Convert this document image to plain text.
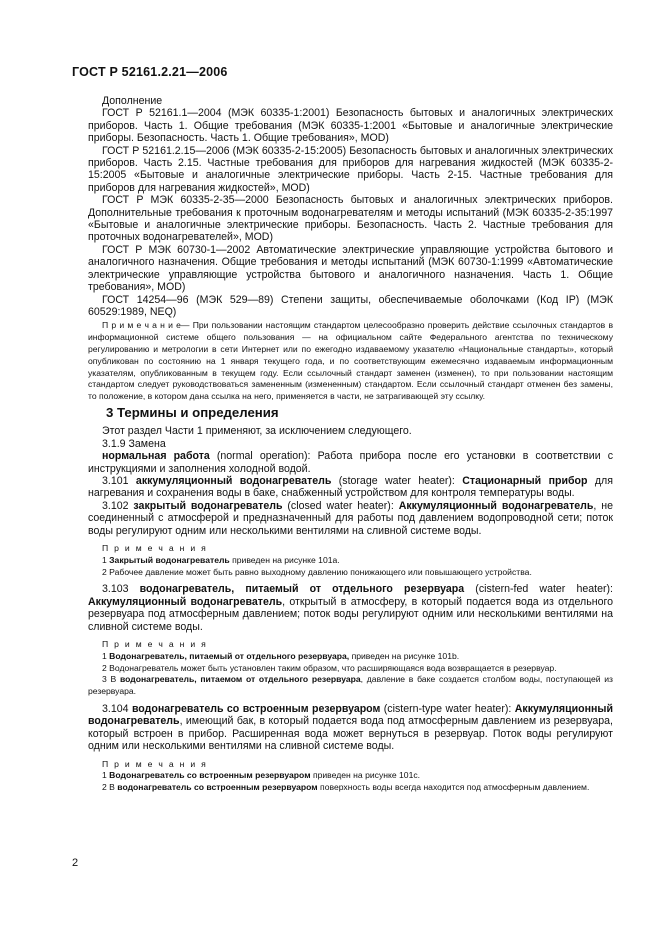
ГОСТ Р 52161.2.21—2006

Дополнение

ГОСТ Р 52161.1—2004 (МЭК 60335-1:2001) Безопасность бытовых и аналогичных электрических приборов. Часть 1. Общие требования (МЭК 60335-1:2001 «Бытовые и аналогичные электрические приборы. Безопасность. Часть 1. Общие требования», MOD)

ГОСТ Р 52161.2.15—2006 (МЭК 60335-2-15:2005) Безопасность бытовых и аналогичных электрических приборов. Часть 2.15. Частные требования для приборов для нагревания жидкостей (МЭК 60335-2-15:2005 «Бытовые и аналогичные электрические приборы. Часть 2-15. Частные требования для приборов для нагревания жидкостей», MOD)

ГОСТ Р МЭК 60335-2-35—2000 Безопасность бытовых и аналогичных электрических приборов. Дополнительные требования к проточным водонагревателям и методы испытаний (МЭК 60335-2-35:1997 «Бытовые и аналогичные электрические приборы. Безопасность. Часть 2. Частные требования для проточных водонагревателей», MOD)

ГОСТ Р МЭК 60730-1—2002 Автоматические электрические управляющие устройства бытового и аналогичного назначения. Общие требования и методы испытаний (МЭК 60730-1:1999 «Автоматические электрические управляющие устройства бытового и аналогичного назначения. Часть 1. Общие требования», MOD)

ГОСТ 14254—96 (МЭК 529—89) Степени защиты, обеспечиваемые оболочками (Код IP) (МЭК 60529:1989, NEQ)

П р и м е ч а н и е— При пользовании настоящим стандартом целесообразно проверить действие ссылочных стандартов в информационной системе общего пользования — на официальном сайте Федерального агентства по техническому регулированию и метрологии в сети Интернет или по ежегодно издаваемому указателю «Национальные стандарты», который опубликован по состоянию на 1 января текущего года, и по соответствующим ежемесячно издаваемым информационным указателям, опубликованным в текущем году. Если ссылочный стандарт заменен (изменен), то при пользовании настоящим стандартом следует руководствоваться замененным (измененным) стандартом. Если ссылочный стандарт отменен без замены, то положение, в котором дана ссылка на него, применяется в части, не затрагивающей эту ссылку.

3 Термины и определения

Этот раздел Части 1 применяют, за исключением следующего.

3.1.9 Замена

нормальная работа (normal operation): Работа прибора после его установки в соответствии с инструкциями и заполнения холодной водой.

3.101 аккумуляционный водонагреватель (storage water heater): Стационарный прибор для нагревания и сохранения воды в баке, снабженный устройством для контроля температуры воды.

3.102 закрытый водонагреватель (closed water heater): Аккумуляционный водонагреватель, не соединенный с атмосферой и предназначенный для работы под давлением водопроводной сети; поток воды регулируют одним или несколькими вентилями на сливной системе воды.

П р и м е ч а н и я

1 Закрытый водонагреватель приведен на рисунке 101а.

2 Рабочее давление может быть равно выходному давлению понижающего или повышающего устройства.

3.103 водонагреватель, питаемый от отдельного резервуара (cistern-fed water heater): Аккумуляционный водонагреватель, открытый в атмосферу, в который подается вода из отдельного резервуара под атмосферным давлением; поток воды регулируют одним или несколькими вентилями на сливной системе воды.

П р и м е ч а н и я

1 Водонагреватель, питаемый от отдельного резервуара, приведен на рисунке 101b.

2 Водонагреватель может быть установлен таким образом, что расширяющаяся вода возвращается в резервуар.

3 В водонагреватель, питаемом от отдельного резервуара, давление в баке создается столбом воды, поступающей из резервуара.

3.104 водонагреватель со встроенным резервуаром (cistern-type water heater): Аккумуляционный водонагреватель, имеющий бак, в который подается вода под атмосферным давлением из резервуара, который встроен в прибор. Расширенная вода может вернуться в резервуар. Поток воды регулируют одним или несколькими вентилями на сливной системе воды.

П р и м е ч а н и я

1 Водонагреватель со встроенным резервуаром приведен на рисунке 101с.

2 В водонагреватель со встроенным резервуаром поверхность воды всегда находится под атмосферным давлением.

2
